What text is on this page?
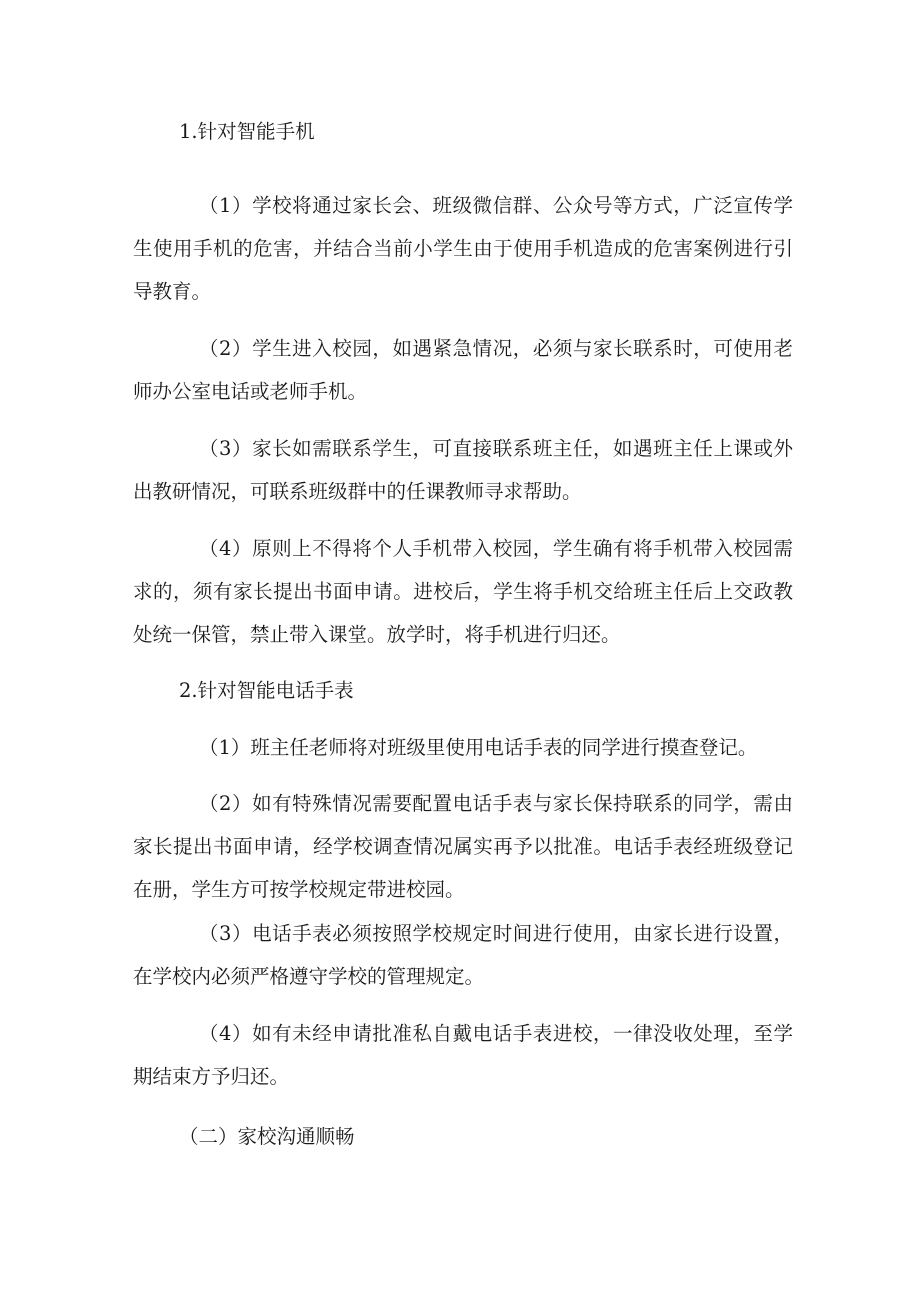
1.针对智能手机
（1）学校将通过家长会、班级微信群、公众号等方式，广泛宣传学生使用手机的危害，并结合当前小学生由于使用手机造成的危害案例进行引导教育。
（2）学生进入校园，如遇紧急情况，必须与家长联系时，可使用老师办公室电话或老师手机。
（3）家长如需联系学生，可直接联系班主任，如遇班主任上课或外出教研情况，可联系班级群中的任课教师寻求帮助。
（4）原则上不得将个人手机带入校园，学生确有将手机带入校园需求的，须有家长提出书面申请。进校后，学生将手机交给班主任后上交政教处统一保管，禁止带入课堂。放学时，将手机进行归还。
2.针对智能电话手表
（1）班主任老师将对班级里使用电话手表的同学进行摸查登记。
（2）如有特殊情况需要配置电话手表与家长保持联系的同学，需由家长提出书面申请，经学校调查情况属实再予以批准。电话手表经班级登记在册，学生方可按学校规定带进校园。
（3）电话手表必须按照学校规定时间进行使用，由家长进行设置，在学校内必须严格遵守学校的管理规定。
（4）如有未经申请批准私自戴电话手表进校，一律没收处理，至学期结束方予归还。
（二）家校沟通顺畅
